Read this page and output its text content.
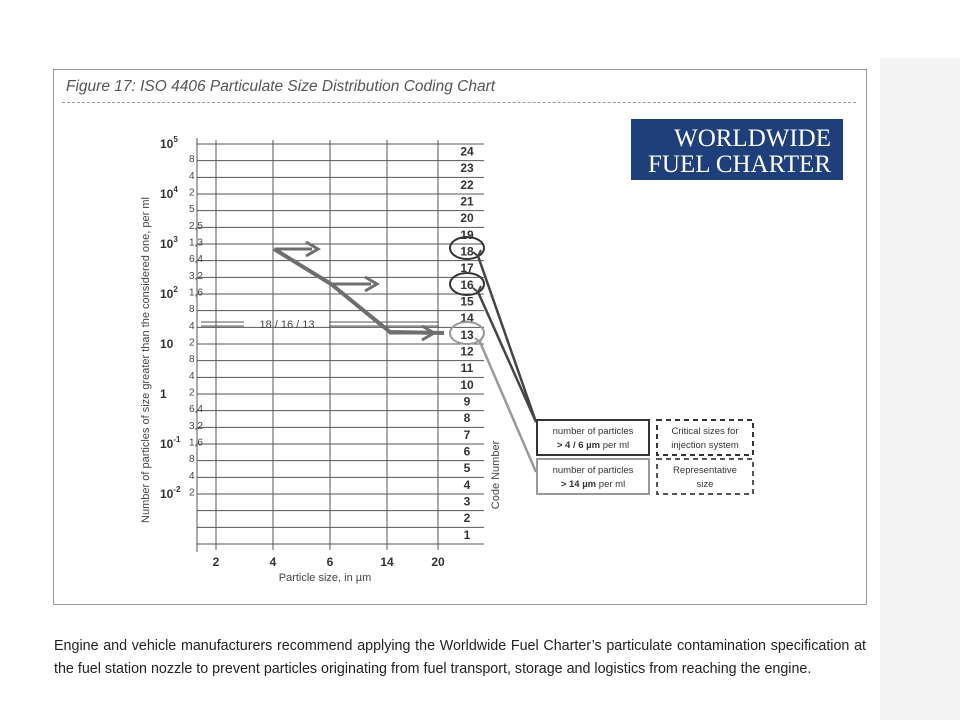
Figure 17: ISO 4406 Particulate Size Distribution Coding Chart
WORLDWIDE
FUEL CHARTER
Number of particles of size greater than the considered one, per ml
$10^5$
$10^4$
$10^3$
$10^2$
10
1
$10^{-1}$
$10^{-2}$
8
4
2
5
2,5
1,3
6,4
3,2
1,6
8
4
2
8
4
2
6,4
3,2
1,6
8
4
2
24
23
22
21
20
19
18
17
16
15
14
13
12
11
10
9
8
7
6
5
4
3
2
1
2	4	6	14	20
Particle size, in µm
Code Number
18 / 16 / 13
number of particles
> 4 / 6 µm per ml
number of particles
> 14 µm per ml
Critical sizes for
injection system
Representative
size
Engine and vehicle manufacturers recommend applying the Worldwide Fuel Charter’s particulate contamination specification at the fuel station nozzle to prevent particles originating from fuel transport, storage and logistics from reaching the engine.
